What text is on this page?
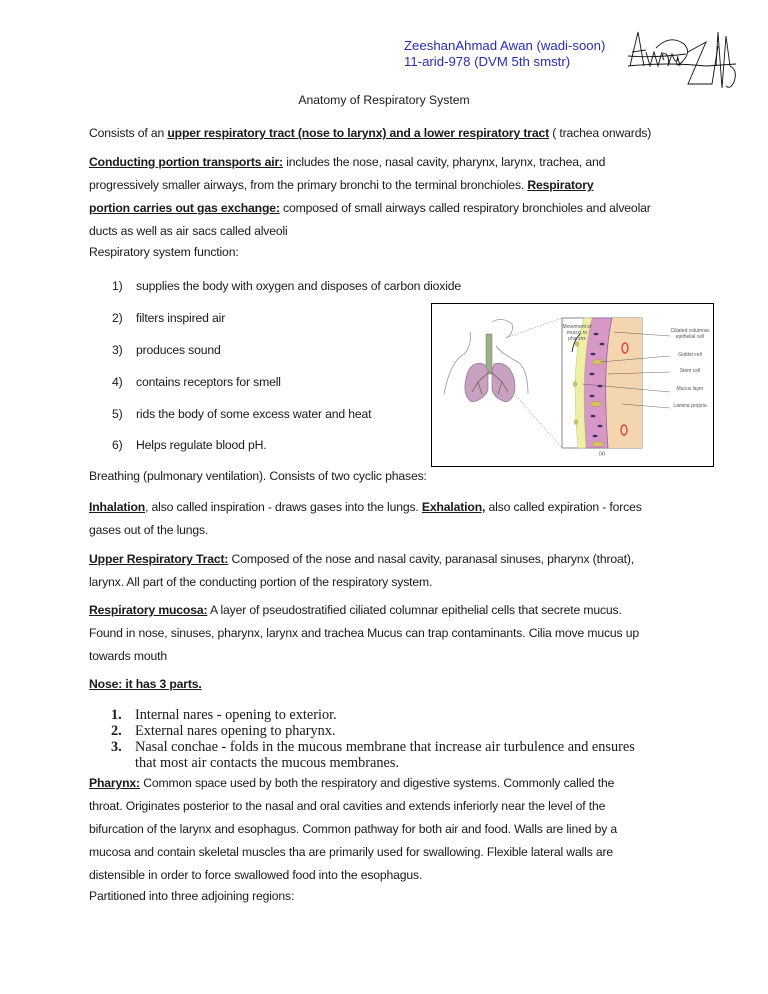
ZeeshanAhmad Awan (wadi-soon)
11-arid-978 (DVM 5th smstr)
Anatomy of Respiratory System
Consists of an upper respiratory tract (nose to larynx) and a lower respiratory tract ( trachea onwards)
Conducting portion transports air: includes the nose, nasal cavity, pharynx, larynx, trachea, and
progressively smaller airways, from the primary bronchi to the terminal bronchioles. Respiratory
portion carries out gas exchange: composed of small airways called respiratory bronchioles and alveolar
ducts as well as air sacs called alveoli
Respiratory system function:
1) supplies the body with oxygen and disposes of carbon dioxide
2) filters inspired air
3) produces sound
4) contains receptors for smell
5) rids the body of some excess water and heat
6) Helps regulate blood pH.
Movement of mucus to pharynx
Ciliated columnar epithelial cell
Goblet cell
Stem cell
Mucus layer
Lamina propria
(a)
Breathing (pulmonary ventilation). Consists of two cyclic phases:
Inhalation, also called inspiration - draws gases into the lungs. Exhalation, also called expiration - forces
gases out of the lungs.
Upper Respiratory Tract: Composed of the nose and nasal cavity, paranasal sinuses, pharynx (throat),
larynx. All part of the conducting portion of the respiratory system.
Respiratory mucosa: A layer of pseudostratified ciliated columnar epithelial cells that secrete mucus.
Found in nose, sinuses, pharynx, larynx and trachea Mucus can trap contaminants. Cilia move mucus up
towards mouth
Nose: it has 3 parts.
1. Internal nares - opening to exterior.
2. External nares opening to pharynx.
3. Nasal conchae - folds in the mucous membrane that increase air turbulence and ensures
that most air contacts the mucous membranes.
Pharynx: Common space used by both the respiratory and digestive systems. Commonly called the
throat. Originates posterior to the nasal and oral cavities and extends inferiorly near the level of the
bifurcation of the larynx and esophagus. Common pathway for both air and food. Walls are lined by a
mucosa and contain skeletal muscles tha are primarily used for swallowing. Flexible lateral walls are
distensible in order to force swallowed food into the esophagus.
Partitioned into three adjoining regions:
